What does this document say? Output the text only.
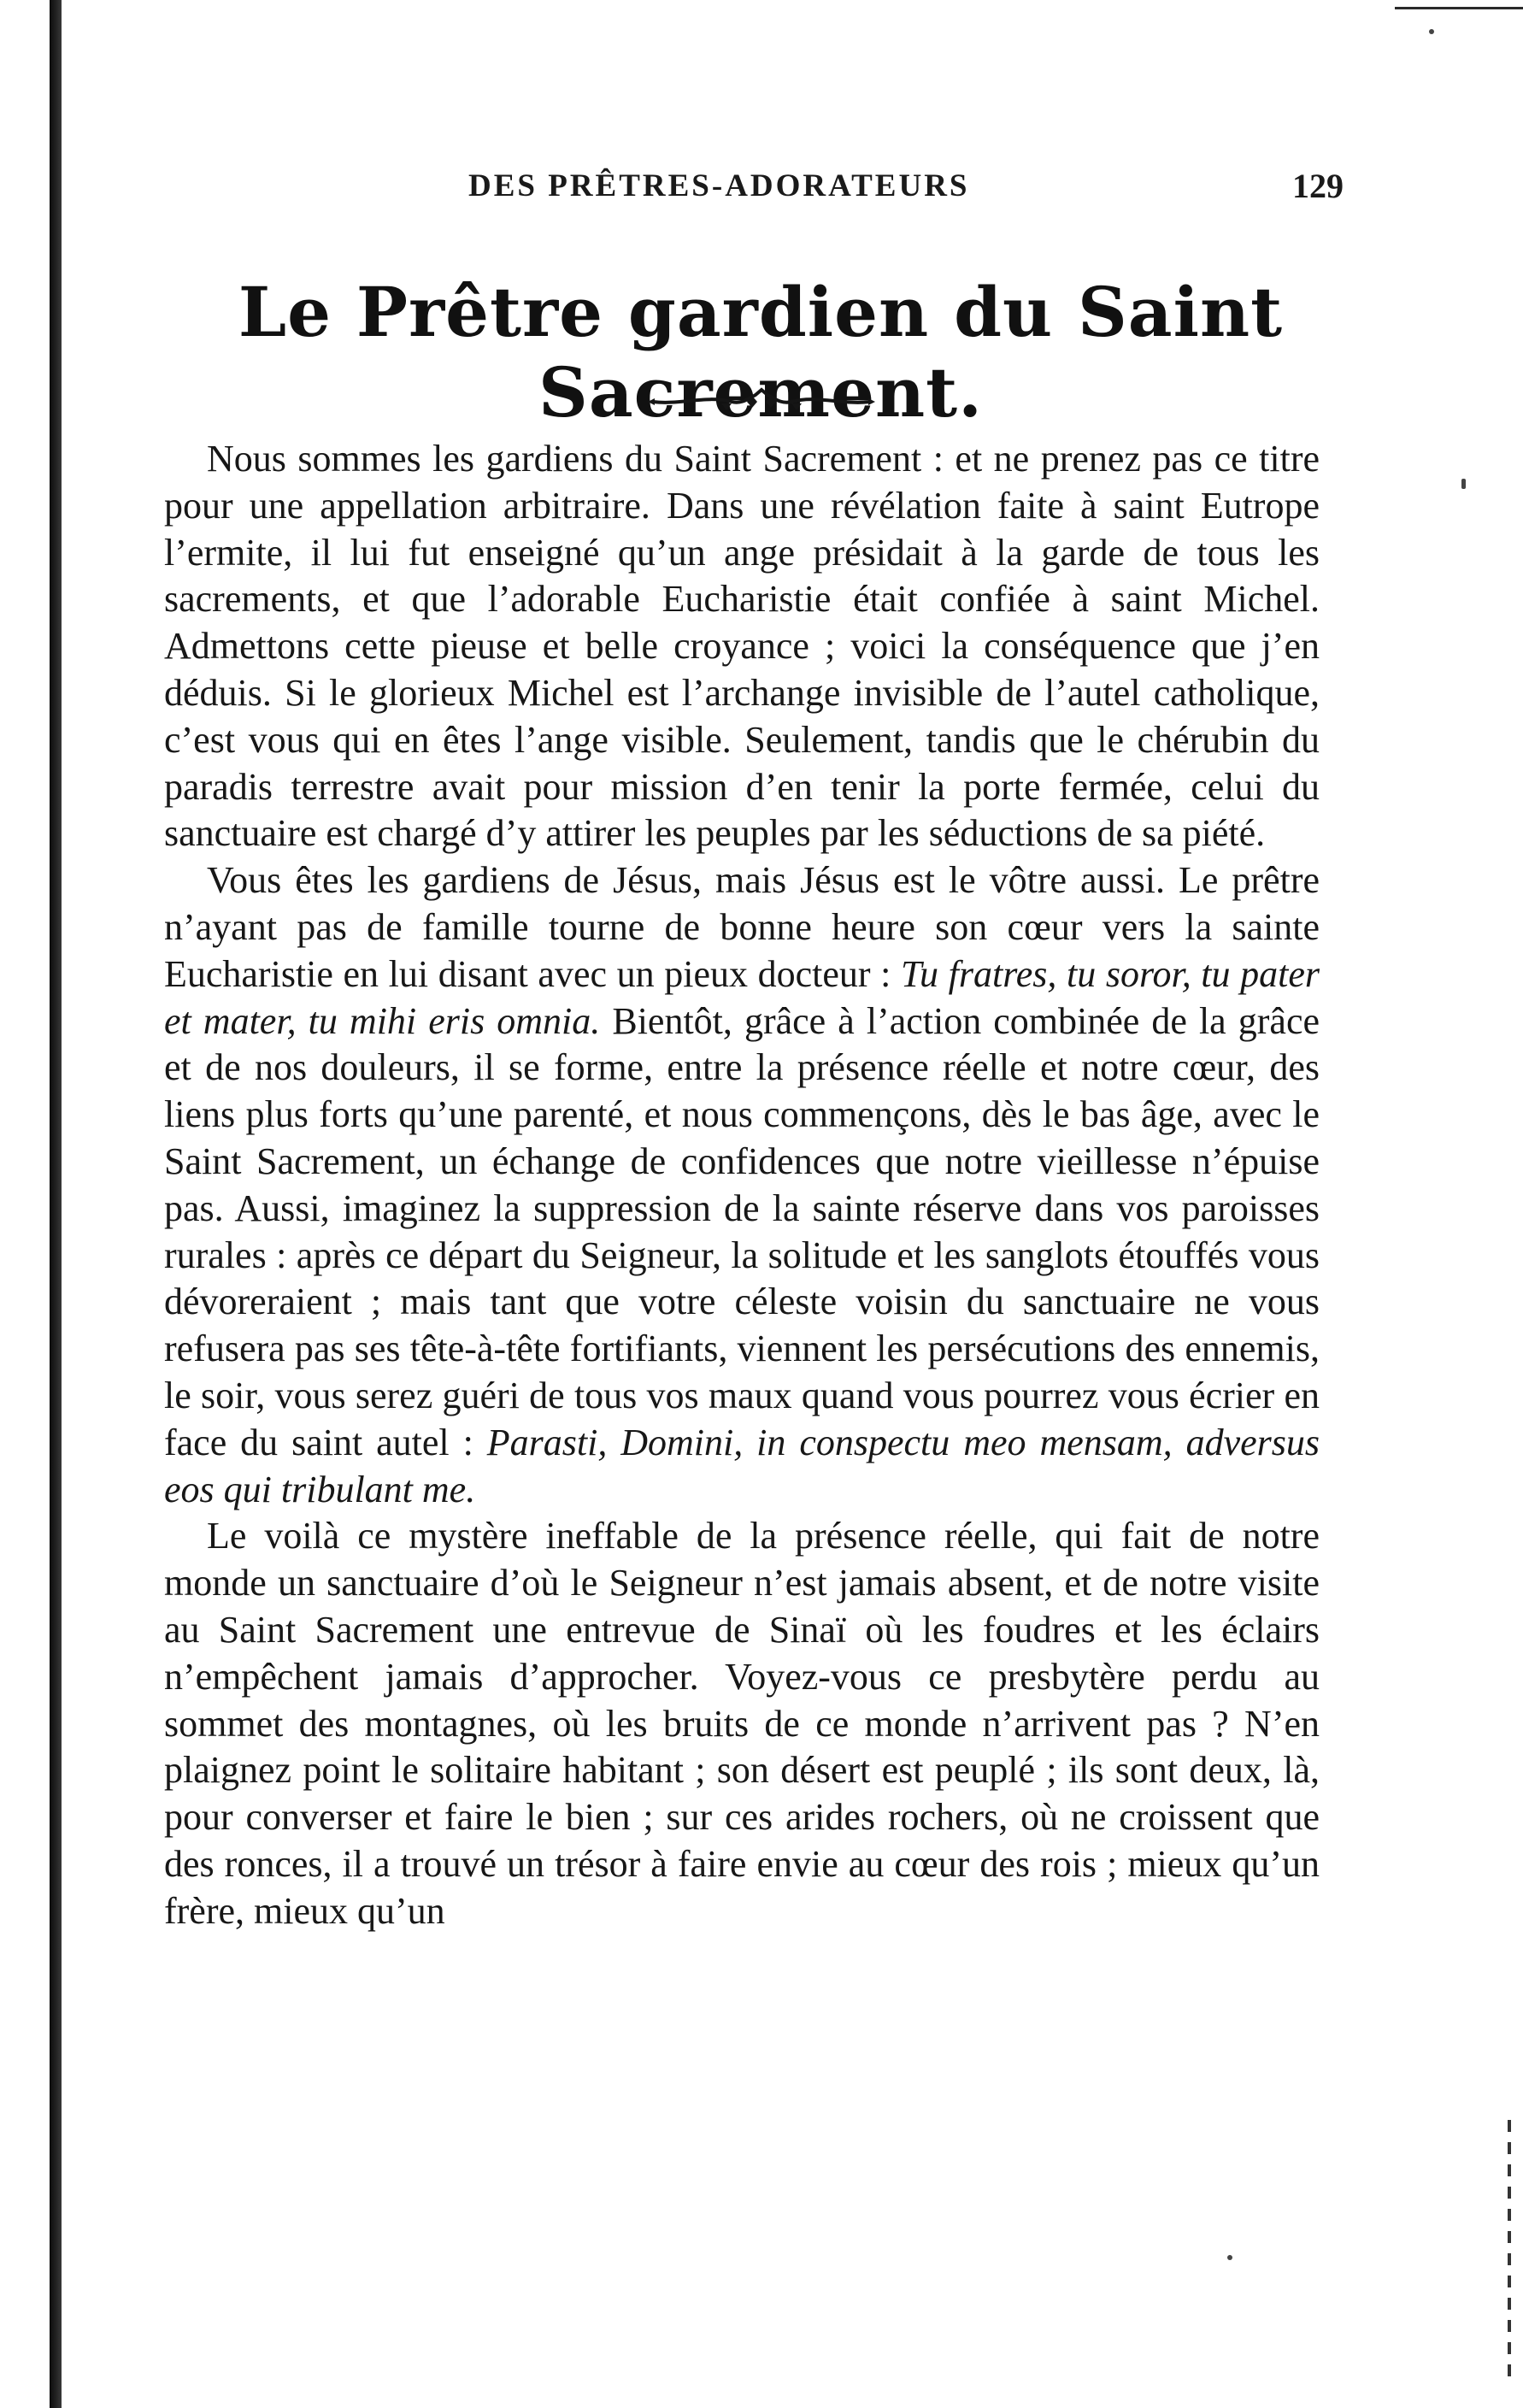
DES PRÊTRES-ADORATEURS	129
Le Prêtre gardien du Saint Sacrement.

Nous sommes les gardiens du Saint Sacrement : et ne prenez pas ce titre pour une appellation arbitraire. Dans une révélation faite à saint Eutrope l’ermite, il lui fut enseigné qu’un ange présidait à la garde de tous les sacrements, et que l’adorable Eucharistie était confiée à saint Michel. Admettons cette pieuse et belle croyance ; voici la conséquence que j’en déduis. Si le glorieux Michel est l’archange invisible de l’autel catholique, c’est vous qui en êtes l’ange visible. Seulement, tandis que le chérubin du paradis terrestre avait pour mission d’en tenir la porte fermée, celui du sanctuaire est chargé d’y attirer les peuples par les séductions de sa piété.

Vous êtes les gardiens de Jésus, mais Jésus est le vôtre aussi. Le prêtre n’ayant pas de famille tourne de bonne heure son cœur vers la sainte Eucharistie en lui disant avec un pieux docteur : Tu fratres, tu soror, tu pater et mater, tu mihi eris omnia. Bientôt, grâce à l’action combinée de la grâce et de nos douleurs, il se forme, entre la présence réelle et notre cœur, des liens plus forts qu’une parenté, et nous commençons, dès le bas âge, avec le Saint Sacrement, un échange de confidences que notre vieillesse n’épuise pas. Aussi, imaginez la suppression de la sainte réserve dans vos paroisses rurales : après ce départ du Seigneur, la solitude et les sanglots étouffés vous dévoreraient ; mais tant que votre céleste voisin du sanctuaire ne vous refusera pas ses tête-à-tête fortifiants, viennent les persécutions des ennemis, le soir, vous serez guéri de tous vos maux quand vous pourrez vous écrier en face du saint autel : Parasti, Domini, in conspectu meo mensam, adversus eos qui tribulant me.

Le voilà ce mystère ineffable de la présence réelle, qui fait de notre monde un sanctuaire d’où le Seigneur n’est jamais absent, et de notre visite au Saint Sacrement une entrevue de Sinaï où les foudres et les éclairs n’empêchent jamais d’approcher. Voyez-vous ce presbytère perdu au sommet des montagnes, où les bruits de ce monde n’arrivent pas ? N’en plaignez point le solitaire habitant ; son désert est peuplé ; ils sont deux, là, pour converser et faire le bien ; sur ces arides rochers, où ne croissent que des ronces, il a trouvé un trésor à faire envie au cœur des rois ; mieux qu’un frère, mieux qu’un
